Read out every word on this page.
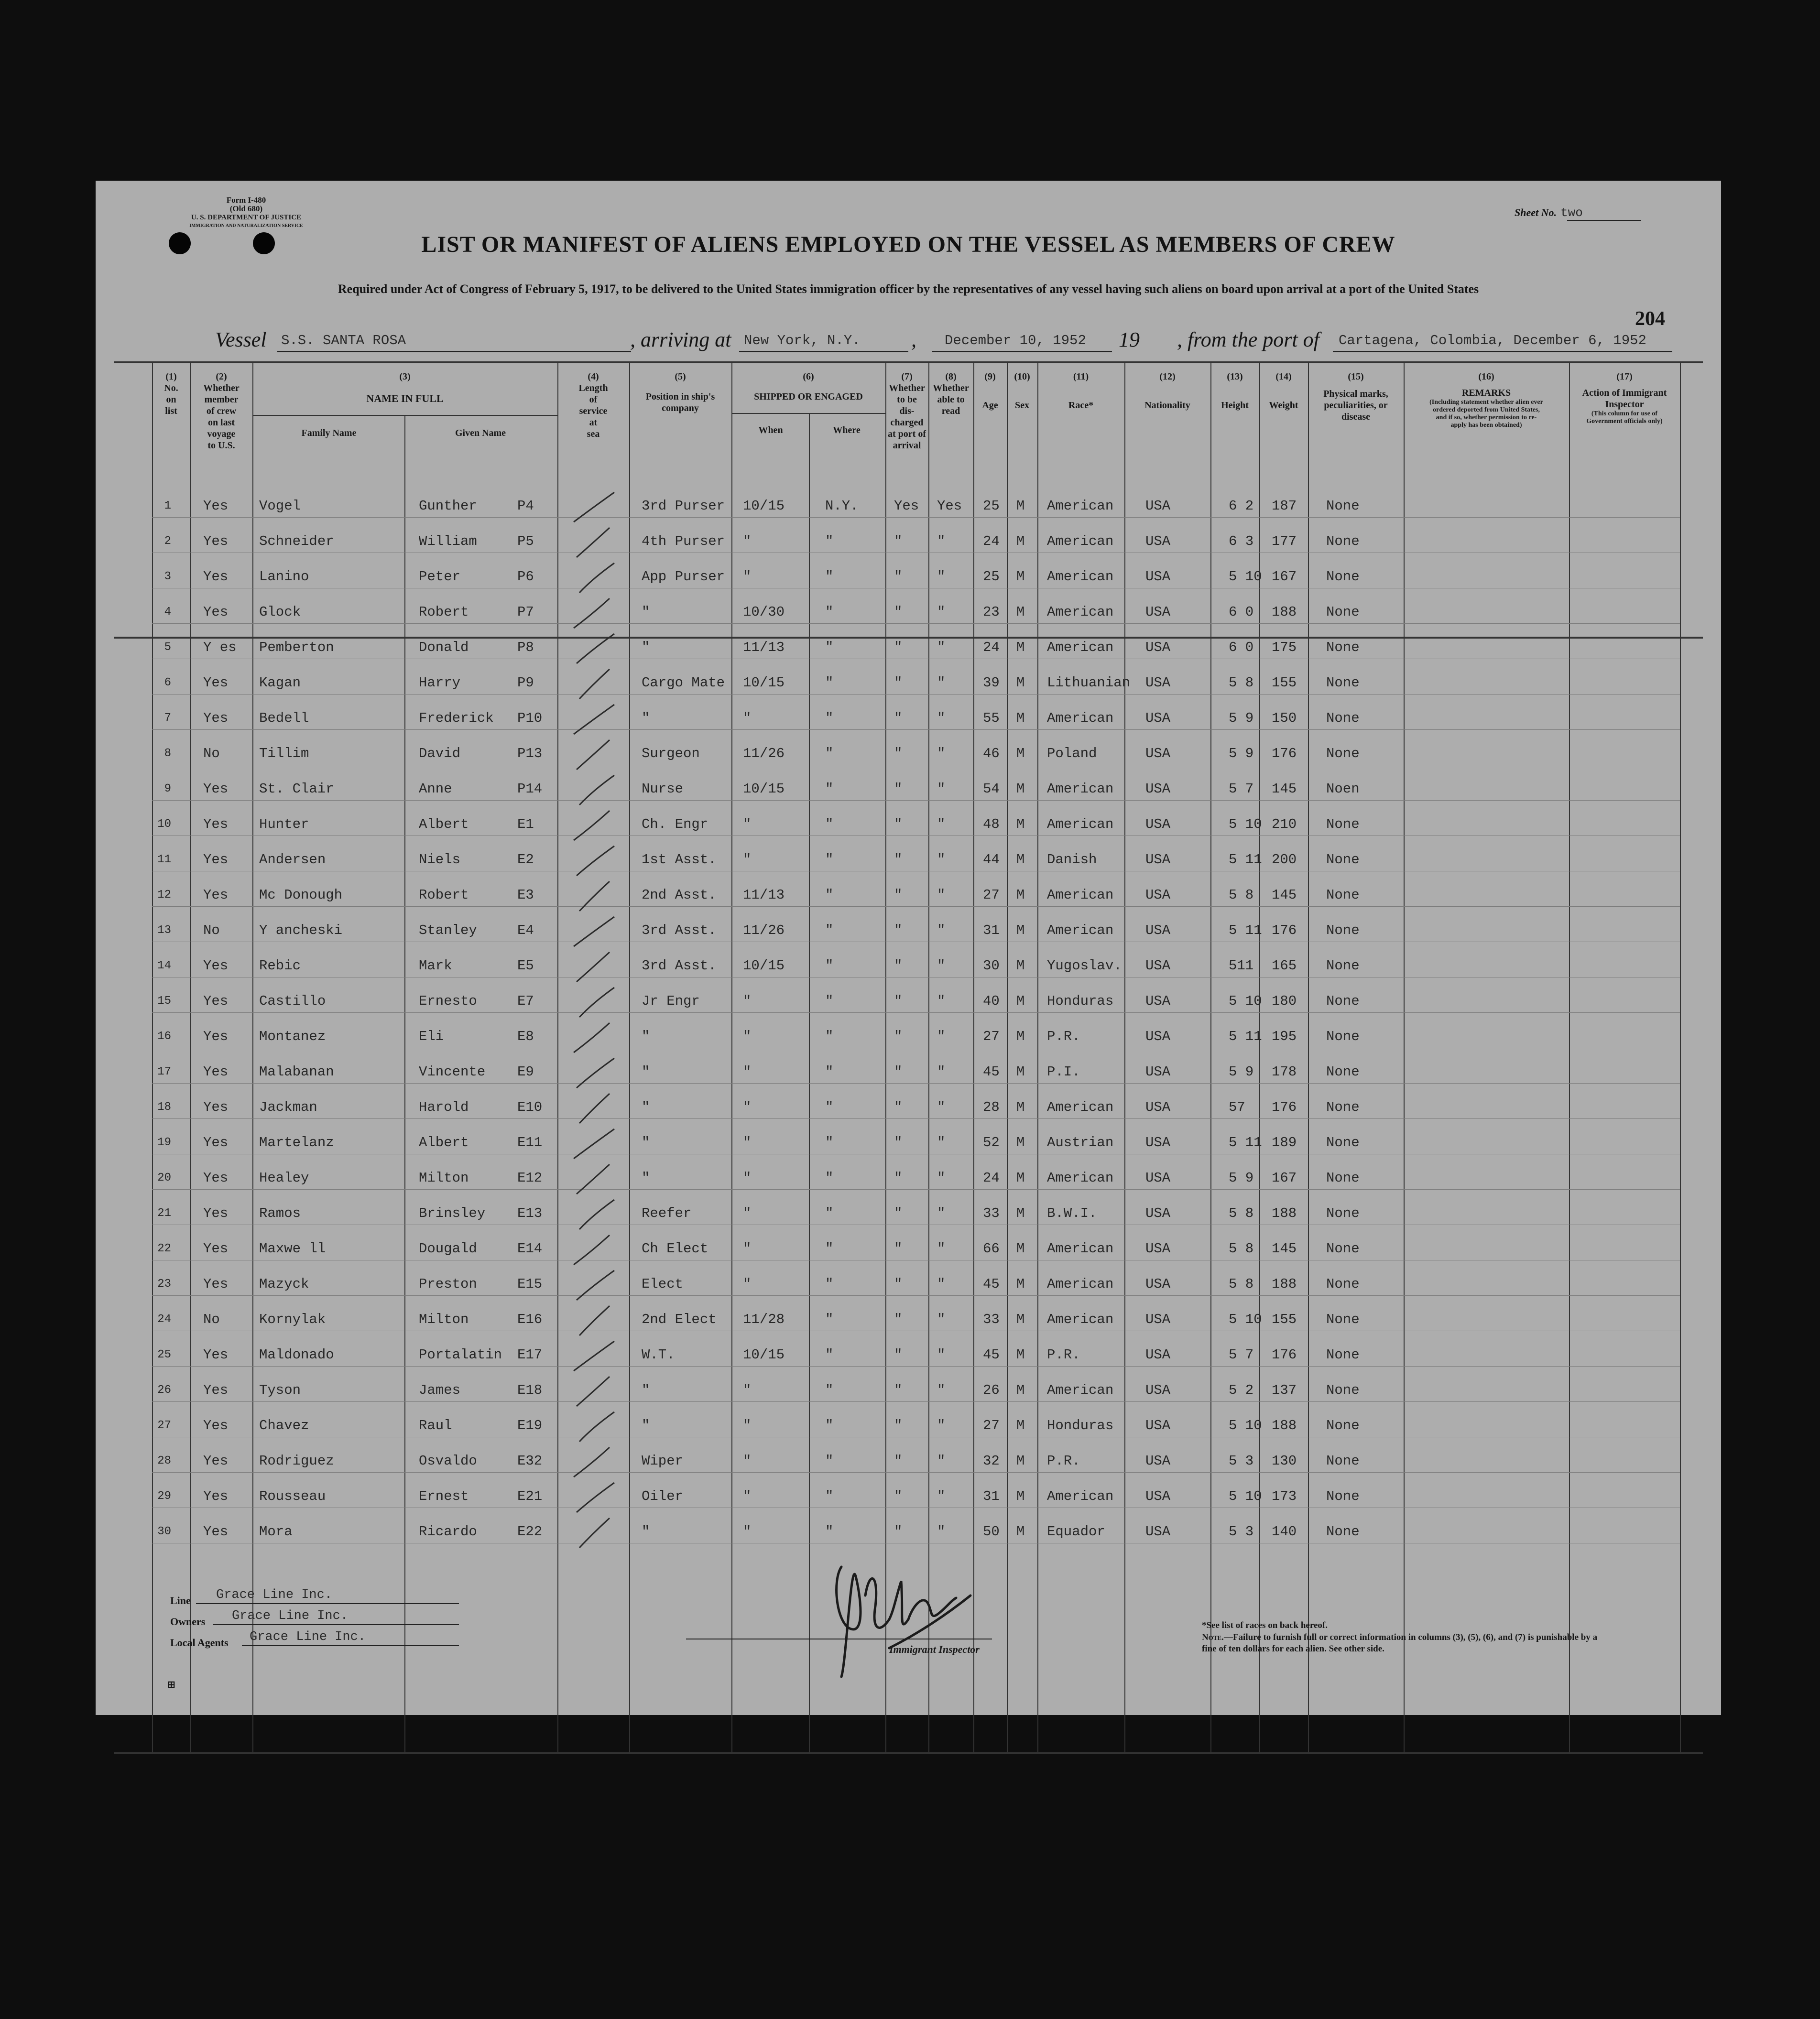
Form I-480
(Old 680)
U. S. DEPARTMENT OF JUSTICE
IMMIGRATION AND NATURALIZATION SERVICE
Sheet No. two
LIST OR MANIFEST OF ALIENS EMPLOYED ON THE VESSEL AS MEMBERS OF CREW
Required under Act of Congress of February 5, 1917, to be delivered to the United States immigration officer by the representatives of any vessel having such aliens on board upon arrival at a port of the United States
204
Vessel S.S. SANTA ROSA	, arriving at New York, N.Y. , December 10, 1952 19 , from the port of Cartagena, Colombia, December 6, 1952
(1)
No.
on
list
(2)
Whether
member
of crew
on last
voyage
to U.S.
(3)
NAME IN FULL
Family Name	Given Name
(4)
Length
of
service
at
sea
(5)
Position in ship's
company
(6)
SHIPPED OR ENGAGED
When	Where
(7)
Whether
to be
dis-
charged
at port of
arrival
(8)
Whether
able to
read
(9)
Age
(10)
Sex
(11)
Race*
(12)
Nationality
(13)
Height
(14)
Weight
(15)
Physical marks,
peculiarities, or
disease
(16)
REMARKS
(Including statement whether alien ever
ordered deported from United States,
and if so, whether permission to re-
apply has been obtained)
(17)
Action of Immigrant
Inspector
(This column for use of
Government officials only)
1 Yes Vogel	Gunther	P4	3rd Purser 10/15	N.Y.	Yes Yes 25 M American USA	6 2 187 None
2 Yes Schneider	William	P5	4th Purser "	"	"	"	24 M American USA	6 3 177 None
3 Yes Lanino	Peter	P6	App Purser "	"	"	"	25 M American USA	5 10 167 None
4 Yes Glock	Robert	P7	"	10/30	"	"	"	23 M American USA	6 0 188 None
5 Y es Pemberton	Donald	P8	"	11/13	"	"	"	24 M American USA	6 0 175 None
6 Yes Kagan	Harry	P9	Cargo Mate 10/15	"	"	"	39 M Lithuanian USA	5 8 155 None
7 Yes Bedell	Frederick P10	"	"	"	"	"	55 M American USA	5 9 150 None
8 No	Tillim	David	P13	Surgeon	11/26	"	"	"	46 M Poland	USA	5 9 176 None
9 Yes St. Clair	Anne	P14	Nurse	10/15	"	"	"	54 M American USA	5 7 145 Noen
10 Yes Hunter	Albert	E1	Ch. Engr	"	"	"	"	48 M American USA	5 10 210 None
11 Yes Andersen	Niels	E2	1st Asst. "	"	"	"	44 M Danish	USA	5 11 200 None
12 Yes Mc Donough	Robert	E3	2nd Asst. 11/13	"	"	"	27 M American USA	5 8 145 None
13 No	Y ancheski	Stanley	E4	3rd Asst. 11/26	"	"	"	31 M American USA	5 11 176 None
14 Yes Rebic	Mark	E5	3rd Asst. 10/15	"	"	"	30 M Yugoslav. USA	511 165 None
15 Yes Castillo	Ernesto	E7	Jr Engr	"	"	"	"	40 M Honduras USA	5 10 180 None
16 Yes Montanez	Eli	E8	"	"	"	"	"	27 M P.R.	USA	5 11 195 None
17 Yes Malabanan	Vincente E9	"	"	"	"	"	45 M P.I.	USA	5 9 178 None
18 Yes Jackman	Harold	E10	"	"	"	"	"	28 M American USA	57 176 None
19 Yes Martelanz	Albert	E11	"	"	"	"	"	52 M Austrian USA	5 11 189 None
20 Yes Healey	Milton	E12	"	"	"	"	"	24 M American USA	5 9 167 None
21 Yes Ramos	Brinsley E13	Reefer	"	"	"	"	33 M B.W.I.	USA	5 8 188 None
22 Yes Maxwe ll	Dougald	E14	Ch Elect	"	"	"	"	66 M American USA	5 8 145 None
23 Yes Mazyck	Preston	E15	Elect	"	"	"	"	45 M American USA	5 8 188 None
24 No	Kornylak	Milton	E16	2nd Elect 11/28	"	"	"	33 M American USA	5 10 155 None
25 Yes Maldonado	Portalatin E17	W.T.	10/15	"	"	"	45 M P.R.	USA	5 7 176 None
26 Yes Tyson	James	E18	"	"	"	"	"	26 M American USA	5 2 137 None
27 Yes Chavez	Raul	E19	"	"	"	"	"	27 M Honduras USA	5 10 188 None
28 Yes Rodriguez	Osvaldo	E32	Wiper	"	"	"	"	32 M P.R.	USA	5 3 130 None
29 Yes Rousseau	Ernest	E21	Oiler	"	"	"	"	31 M American USA	5 10 173 None
30 Yes Mora	Ricardo	E22	"	"	"	"	"	50 M Equador	USA	5 3 140 None
Line Grace Line Inc.
Owners Grace Line Inc.
Local Agents Grace Line Inc.
⊞
Immigrant Inspector
*See list of races on back hereof.
Note.—Failure to furnish full or correct information in columns (3), (5), (6), and (7) is punishable by a fine of ten dollars for each alien. See other side.
